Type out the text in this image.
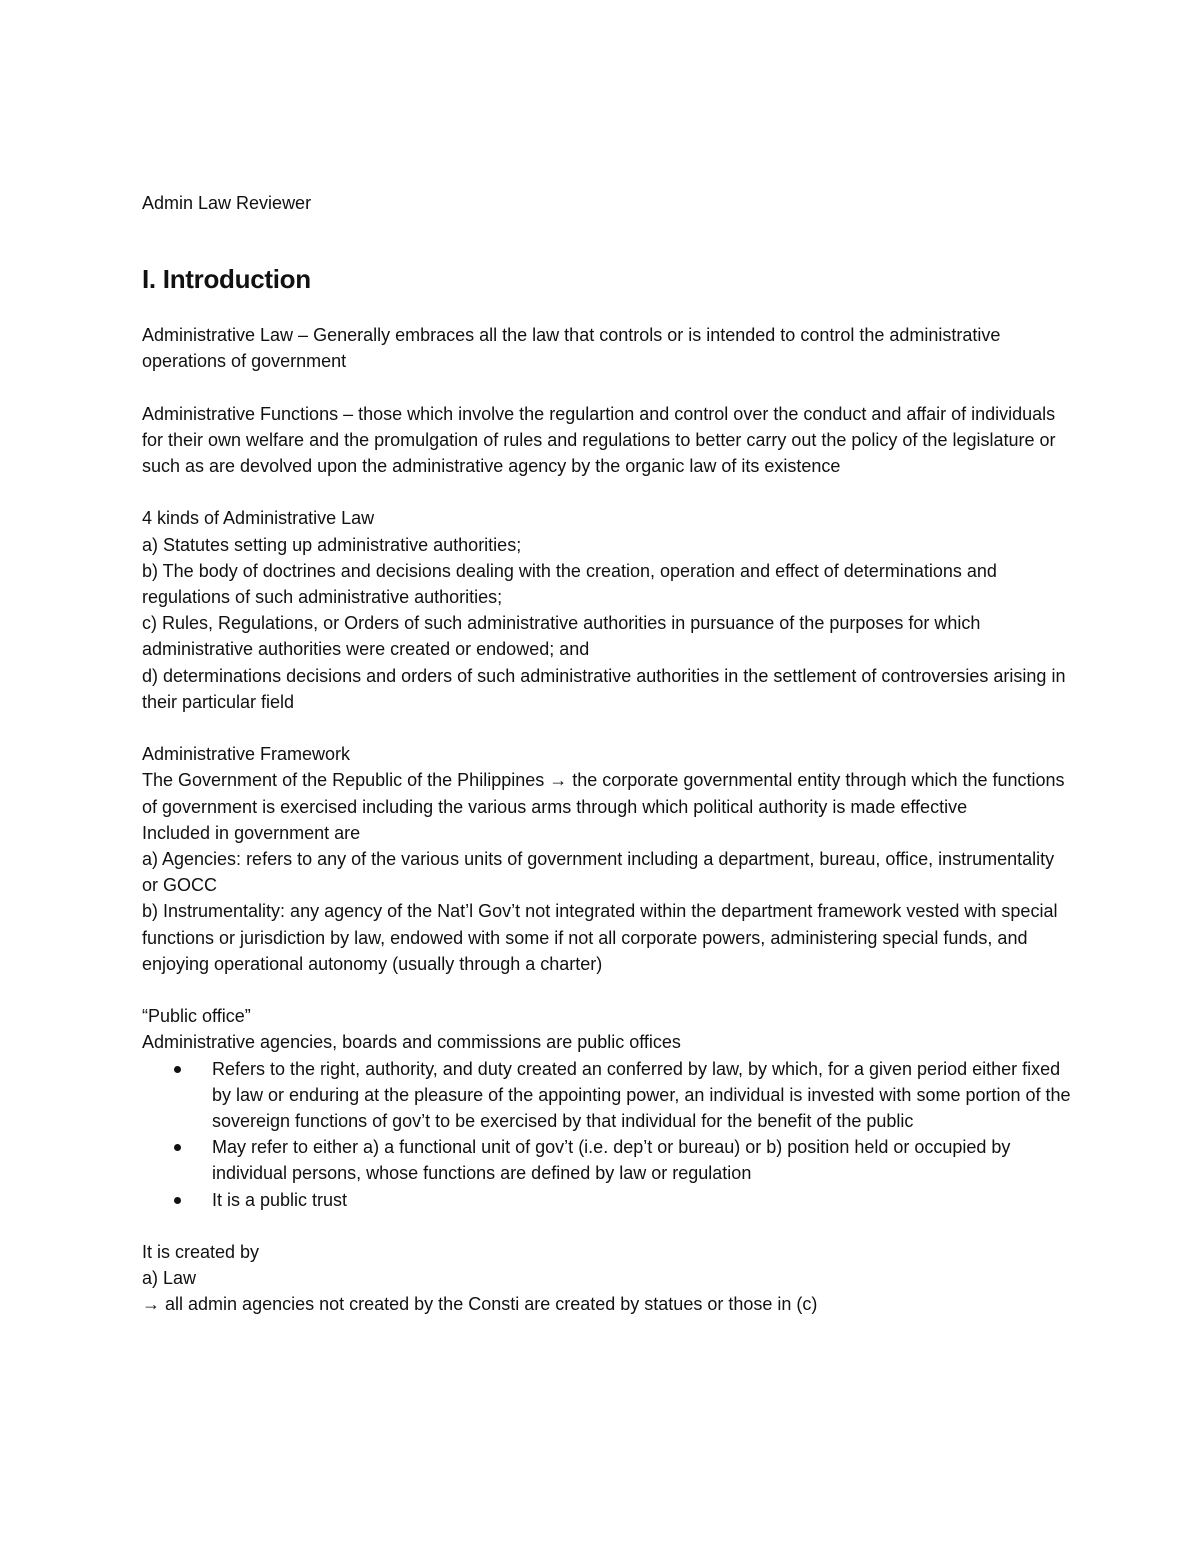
Admin Law Reviewer

I. Introduction

Administrative Law – Generally embraces all the law that controls or is intended to control the administrative operations of government

Administrative Functions – those which involve the regulartion and control over the conduct and affair of individuals for their own welfare and the promulgation of rules and regulations to better carry out the policy of the legislature or such as are devolved upon the administrative agency by the organic law of its existence

4 kinds of Administrative Law

a) Statutes setting up administrative authorities;

b) The body of doctrines and decisions dealing with the creation, operation and effect of determinations and regulations of such administrative authorities;

c) Rules, Regulations, or Orders of such administrative authorities in pursuance of the purposes for which administrative authorities were created or endowed; and

d) determinations decisions and orders of such administrative authorities in the settlement of controversies arising in their particular field

Administrative Framework

The Government of the Republic of the Philippines → the corporate governmental entity through which the functions of government is exercised including the various arms through which political authority is made effective

Included in government are

a) Agencies: refers to any of the various units of government including a department, bureau, office, instrumentality or GOCC

b) Instrumentality: any agency of the Nat’l Gov’t not integrated within the department framework vested with special functions or jurisdiction by law, endowed with some if not all corporate powers, administering special funds, and enjoying operational autonomy (usually through a charter)

“Public office”

Administrative agencies, boards and commissions are public offices

Refers to the right, authority, and duty created an conferred by law, by which, for a given period either fixed by law or enduring at the pleasure of the appointing power, an individual is invested with some portion of the sovereign functions of gov’t to be exercised by that individual for the benefit of the public
May refer to either a) a functional unit of gov’t (i.e. dep’t or bureau) or b) position held or occupied by individual persons, whose functions are defined by law or regulation
It is a public trust

It is created by

a) Law

→ all admin agencies not created by the Consti are created by statues or those in (c)
